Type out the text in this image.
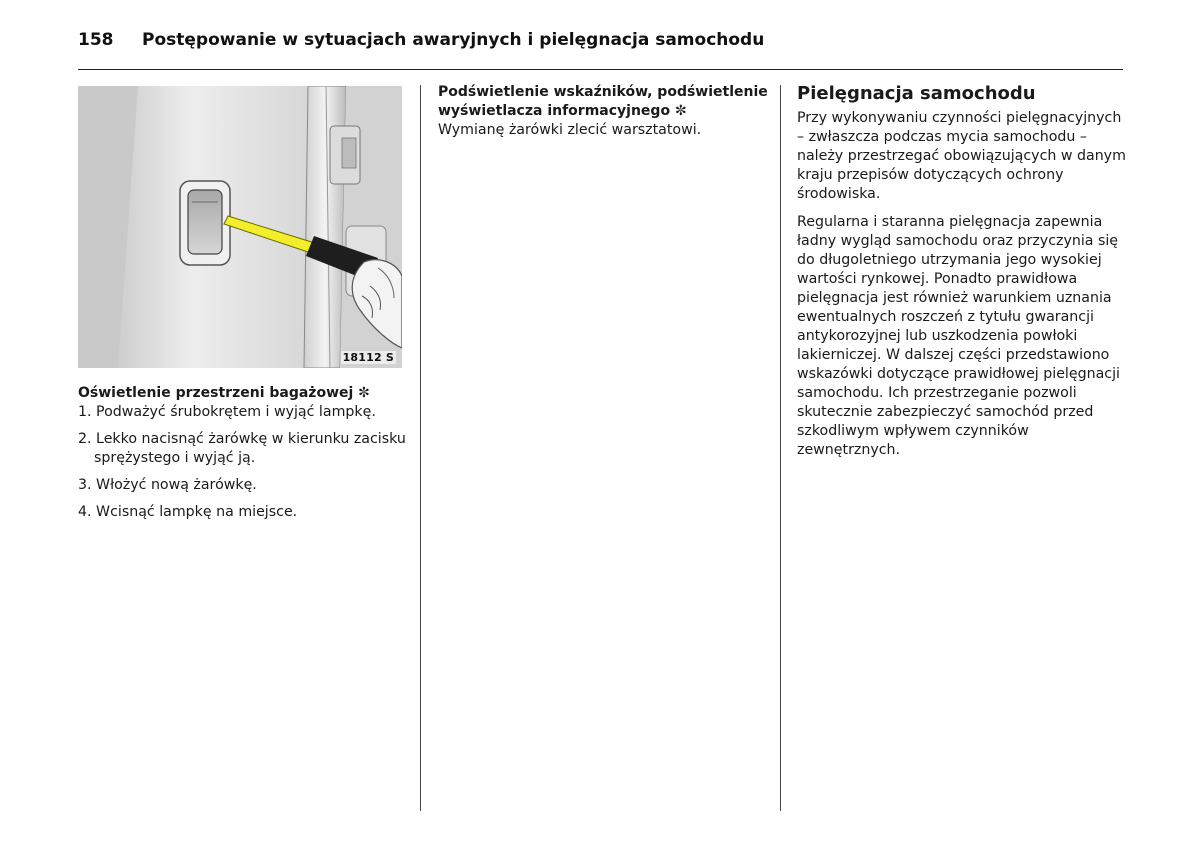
158 Postępowanie w sytuacjach awaryjnych i pielęgnacja samochodu
18112 S

Oświetlenie przestrzeni bagażowej ✼

1. Podważyć śrubokrętem i wyjąć lampkę.

2. Lekko nacisnąć żarówkę w kierunku zacisku sprężystego i wyjąć ją.

3. Włożyć nową żarówkę.

4. Wcisnąć lampkę na miejsce.

Podświetlenie wskaźników, podświetlenie wyświetlacza informacyjnego ✼

Wymianę żarówki zlecić warsztatowi.

Pielęgnacja samochodu

Przy wykonywaniu czynności pielęgnacyjnych – zwłaszcza podczas mycia samochodu – należy przestrzegać obowiązujących w danym kraju przepisów dotyczących ochrony środowiska.

Regularna i staranna pielęgnacja zapewnia ładny wygląd samochodu oraz przyczynia się do długoletniego utrzymania jego wysokiej wartości rynkowej. Ponadto prawidłowa pielęgnacja jest również warunkiem uznania ewentualnych roszczeń z tytułu gwarancji antykorozyjnej lub uszkodzenia powłoki lakierniczej. W dalszej części przedstawiono wskazówki dotyczące prawidłowej pielęgnacji samochodu. Ich przestrzeganie pozwoli skutecznie zabezpieczyć samochód przed szkodliwym wpływem czynników zewnętrznych.
